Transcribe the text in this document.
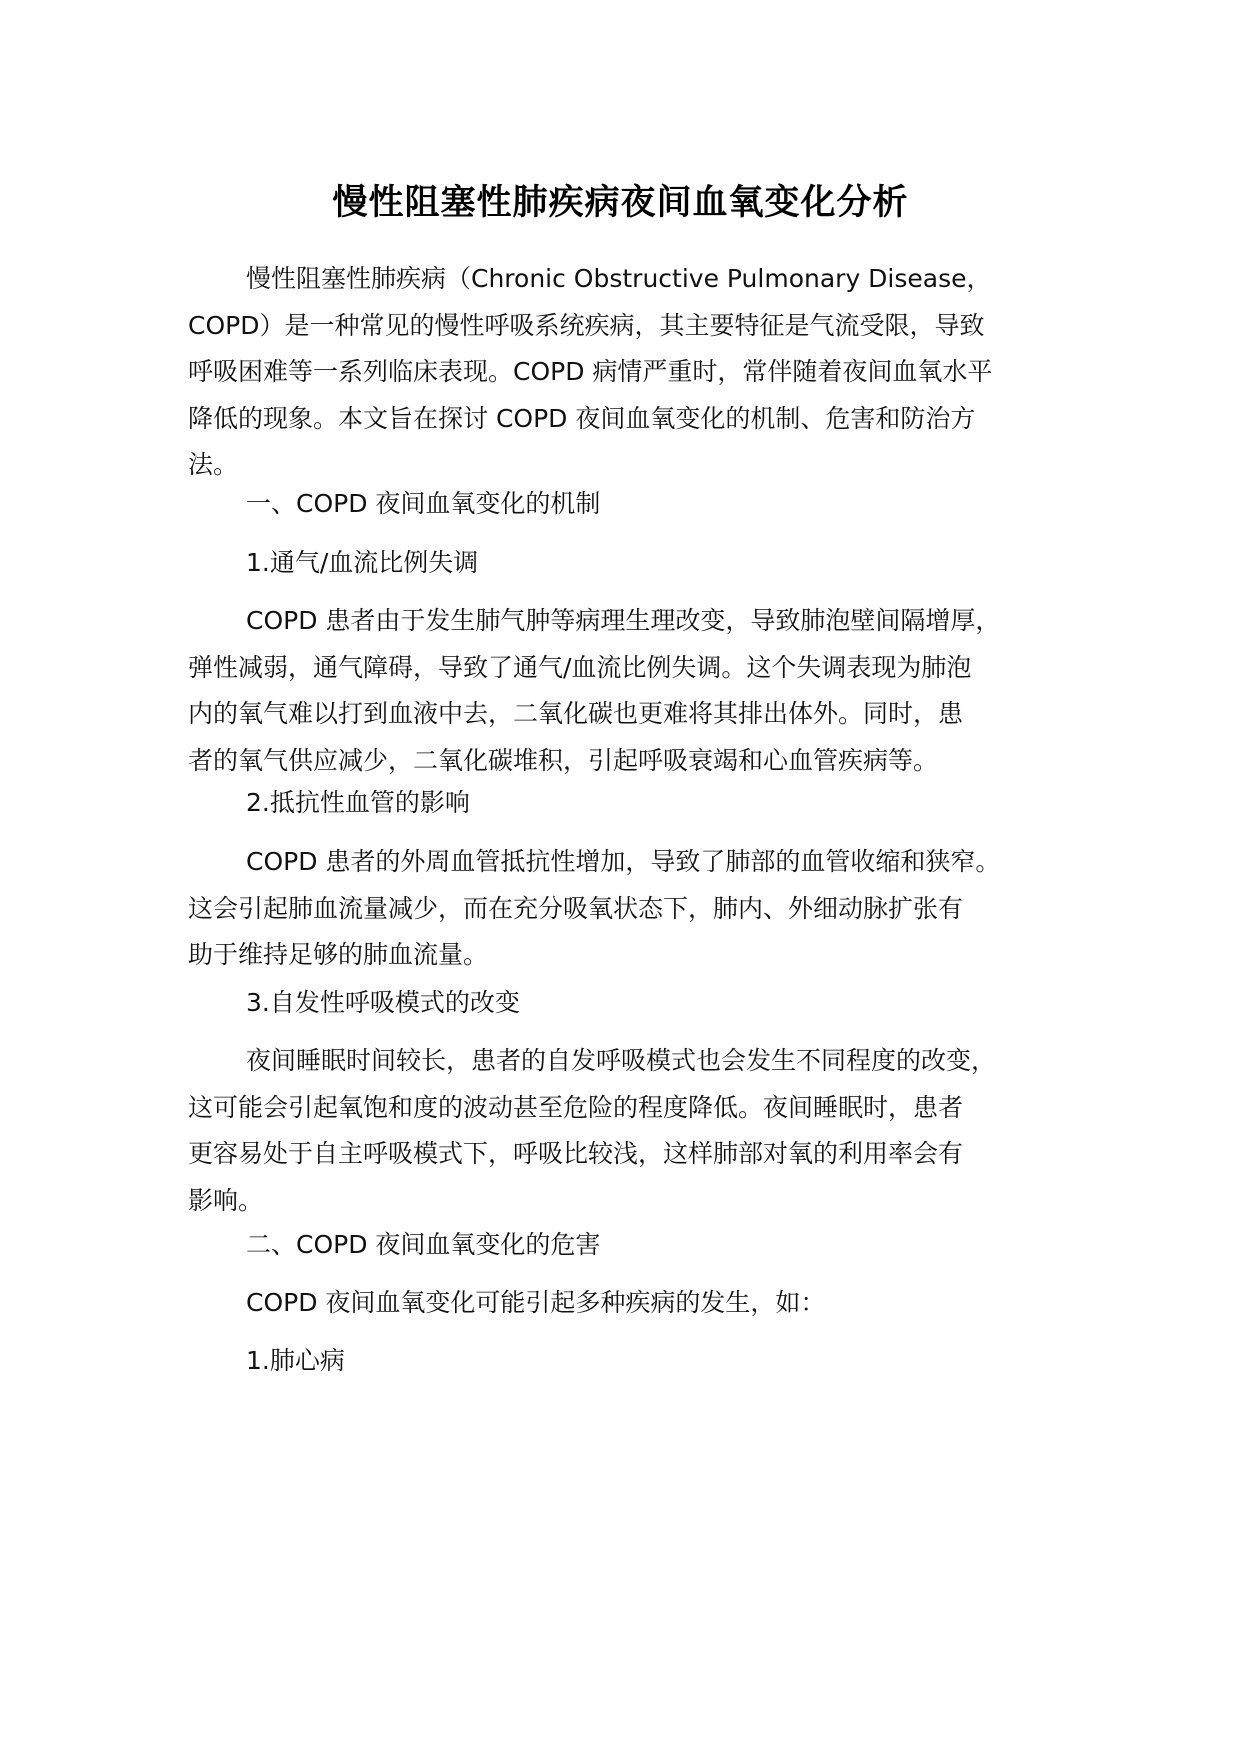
慢性阻塞性肺疾病夜间血氧变化分析
慢性阻塞性肺疾病（Chronic Obstructive Pulmonary Disease，
COPD）是一种常见的慢性呼吸系统疾病，其主要特征是气流受限，导致
呼吸困难等一系列临床表现。COPD 病情严重时，常伴随着夜间血氧水平
降低的现象。本文旨在探讨 COPD 夜间血氧变化的机制、危害和防治方
法。
一、COPD 夜间血氧变化的机制
1.通气/血流比例失调
COPD 患者由于发生肺气肿等病理生理改变，导致肺泡壁间隔增厚，
弹性减弱，通气障碍，导致了通气/血流比例失调。这个失调表现为肺泡
内的氧气难以打到血液中去，二氧化碳也更难将其排出体外。同时，患
者的氧气供应减少，二氧化碳堆积，引起呼吸衰竭和心血管疾病等。
2.抵抗性血管的影响
COPD 患者的外周血管抵抗性增加，导致了肺部的血管收缩和狭窄。
这会引起肺血流量减少，而在充分吸氧状态下，肺内、外细动脉扩张有
助于维持足够的肺血流量。
3.自发性呼吸模式的改变
夜间睡眠时间较长，患者的自发呼吸模式也会发生不同程度的改变，
这可能会引起氧饱和度的波动甚至危险的程度降低。夜间睡眠时，患者
更容易处于自主呼吸模式下，呼吸比较浅，这样肺部对氧的利用率会有
影响。
二、COPD 夜间血氧变化的危害
COPD 夜间血氧变化可能引起多种疾病的发生，如：
1.肺心病
